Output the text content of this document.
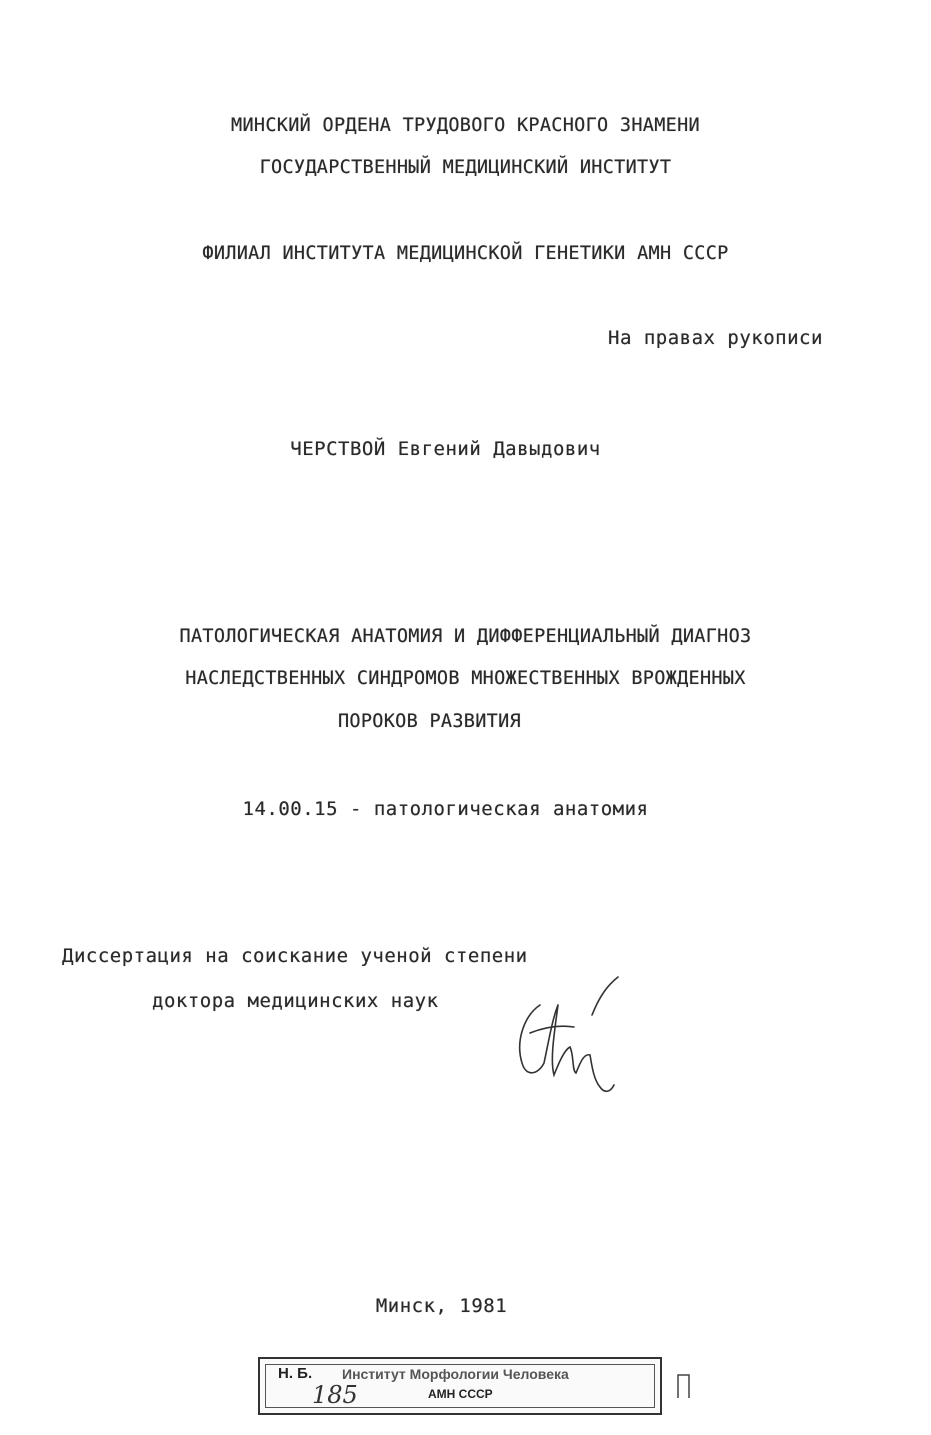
МИНСКИЙ ОРДЕНА ТРУДОВОГО КРАСНОГО ЗНАМЕНИ
ГОСУДАРСТВЕННЫЙ МЕДИЦИНСКИЙ ИНСТИТУТ
ФИЛИАЛ ИНСТИТУТА МЕДИЦИНСКОЙ ГЕНЕТИКИ АМН СССР
На правах рукописи
ЧЕРСТВОЙ Евгений Давыдович
ПАТОЛОГИЧЕСКАЯ АНАТОМИЯ И ДИФФЕРЕНЦИАЛЬНЫЙ ДИАГНОЗ
НАСЛЕДСТВЕННЫХ СИНДРОМОВ МНОЖЕСТВЕННЫХ ВРОЖДЕННЫХ
ПОРОКОВ РАЗВИТИЯ
14.00.15 - патологическая анатомия
Диссертация на соискание ученой степени
доктора медицинских наук
Минск, 1981
Н. Б. Институт Морфологии Человека
АМН СССР
185
